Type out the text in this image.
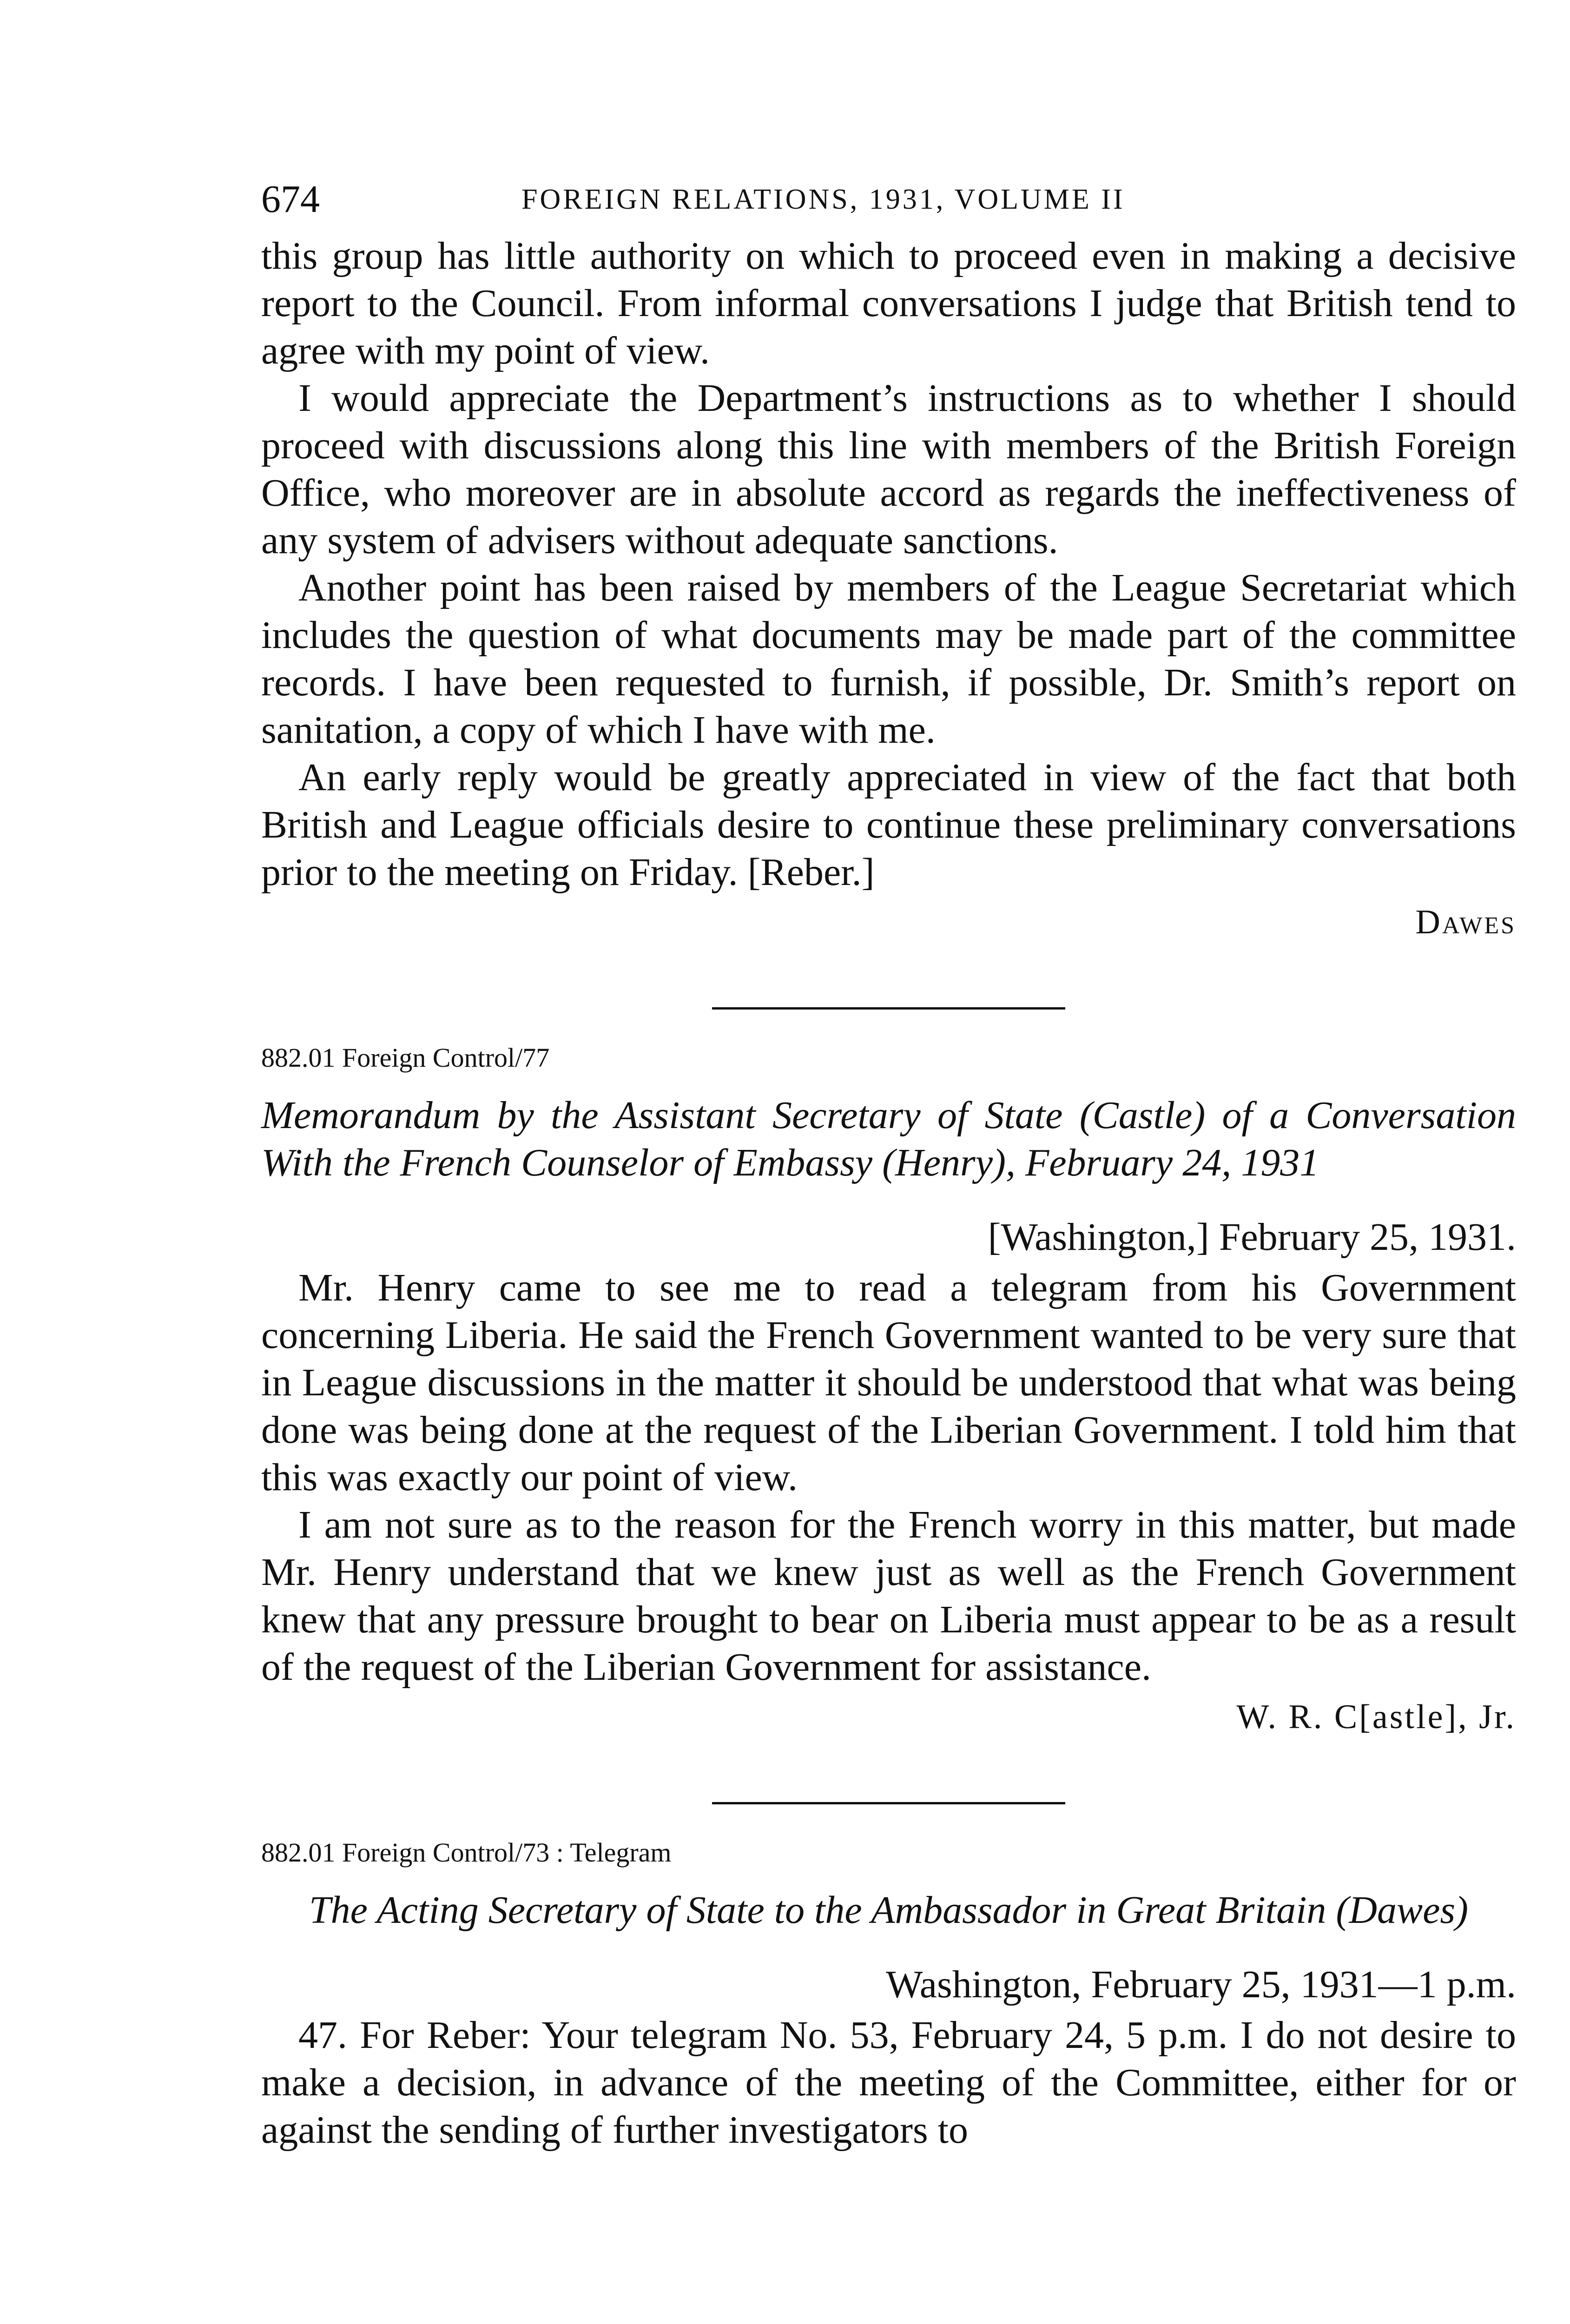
674	FOREIGN RELATIONS, 1931, VOLUME II

this group has little authority on which to proceed even in making a decisive report to the Council. From informal conversations I judge that British tend to agree with my point of view.

I would appreciate the Department’s instructions as to whether I should proceed with discussions along this line with members of the British Foreign Office, who moreover are in absolute accord as regards the ineffectiveness of any system of advisers without adequate sanctions.

Another point has been raised by members of the League Secretariat which includes the question of what documents may be made part of the committee records. I have been requested to furnish, if possible, Dr. Smith’s report on sanitation, a copy of which I have with me.

An early reply would be greatly appreciated in view of the fact that both British and League officials desire to continue these preliminary conversations prior to the meeting on Friday. [Reber.]

Dawes

882.01 Foreign Control/77

Memorandum by the Assistant Secretary of State (Castle) of a Conversation With the French Counselor of Embassy (Henry), February 24, 1931

[Washington,] February 25, 1931.

Mr. Henry came to see me to read a telegram from his Government concerning Liberia. He said the French Government wanted to be very sure that in League discussions in the matter it should be understood that what was being done was being done at the request of the Liberian Government. I told him that this was exactly our point of view.

I am not sure as to the reason for the French worry in this matter, but made Mr. Henry understand that we knew just as well as the French Government knew that any pressure brought to bear on Liberia must appear to be as a result of the request of the Liberian Government for assistance.

W. R. C[astle], Jr.

882.01 Foreign Control/73 : Telegram

The Acting Secretary of State to the Ambassador in Great Britain (Dawes)

Washington, February 25, 1931—1 p.m.

47. For Reber: Your telegram No. 53, February 24, 5 p.m. I do not desire to make a decision, in advance of the meeting of the Committee, either for or against the sending of further investigators to
